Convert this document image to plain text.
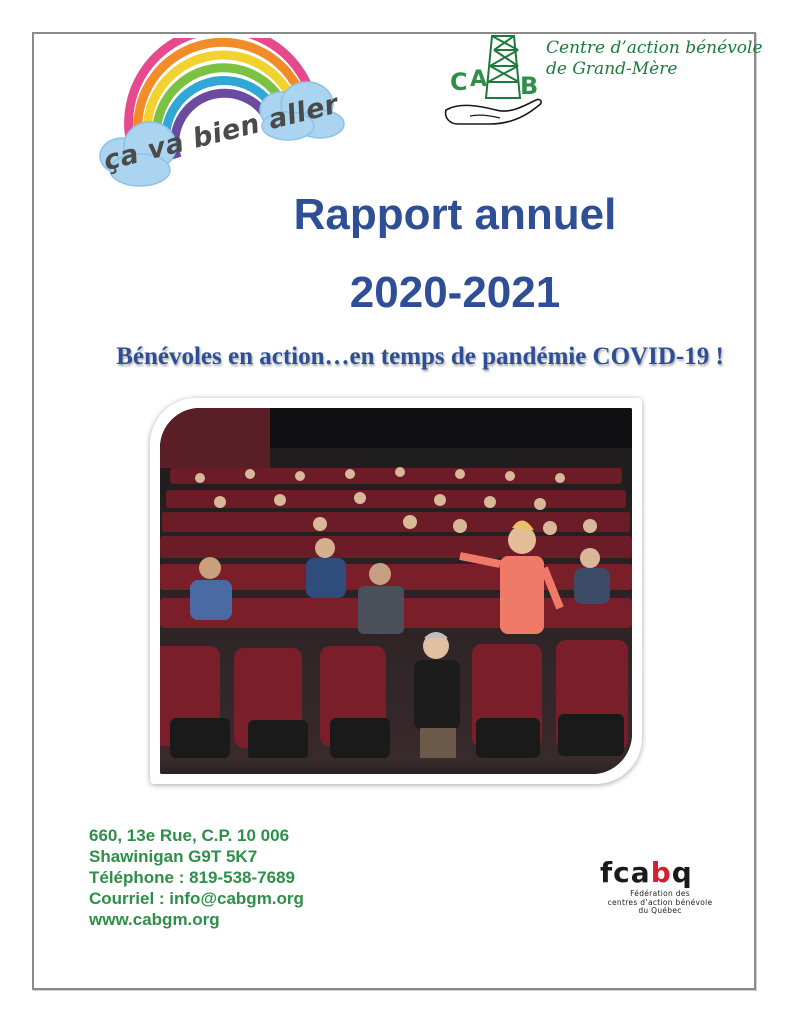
ça va bien aller
C A B
Centre d’action bénévole
de Grand-Mère
Rapport annuel
2020-2021
Bénévoles en action…en temps de pandémie COVID-19 !
660, 13e Rue, C.P. 10 006
Shawinigan G9T 5K7
Téléphone : 819-538-7689
Courriel : info@cabgm.org
www.cabgm.org
fcabq
Fédération des
centres d’action bénévole
du Québec
